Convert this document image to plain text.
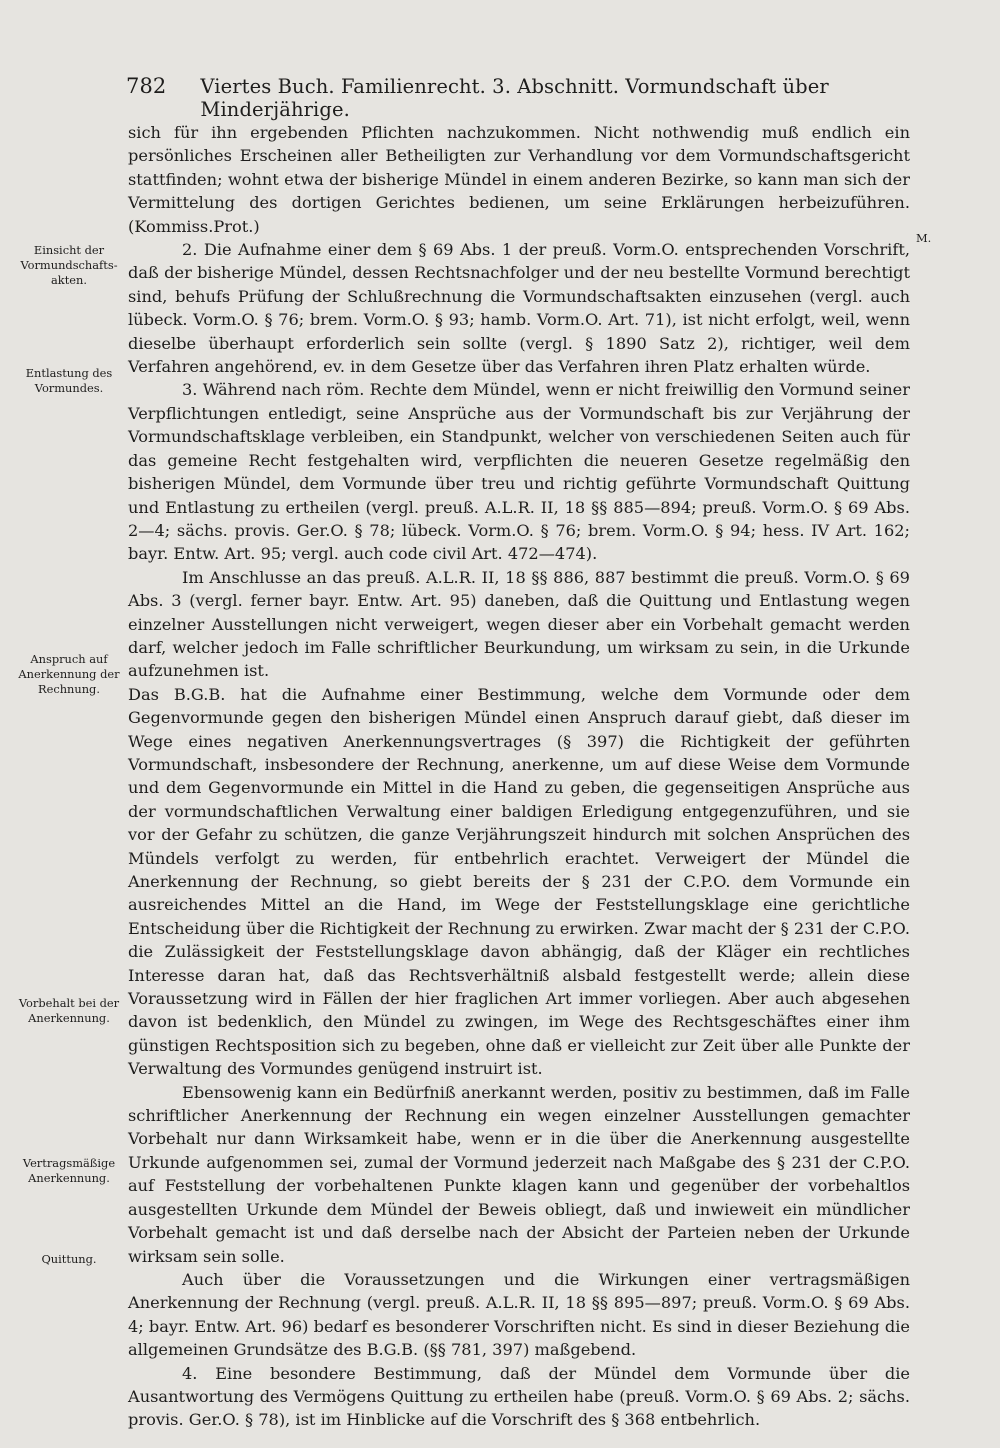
782 Viertes Buch. Familienrecht. 3. Abschnitt. Vormundschaft über Minderjährige.
Einsicht der Vormundschafts-akten.
Entlastung des Vormundes.
Anspruch auf Anerkennung der Rechnung.
Vorbehalt bei der Anerkennung.
Vertragsmäßige Anerkennung.
Quittung.
M.

sich für ihn ergebenden Pflichten nachzukommen. Nicht nothwendig muß endlich ein persönliches Erscheinen aller Betheiligten zur Verhandlung vor dem Vormundschaftsgericht stattfinden; wohnt etwa der bisherige Mündel in einem anderen Bezirke, so kann man sich der Vermittelung des dortigen Gerichtes bedienen, um seine Erklärungen herbeizuführen. (Kommiss.Prot.)

2. Die Aufnahme einer dem § 69 Abs. 1 der preuß. Vorm.O. entsprechenden Vorschrift, daß der bisherige Mündel, dessen Rechtsnachfolger und der neu bestellte Vormund berechtigt sind, behufs Prüfung der Schlußrechnung die Vormundschaftsakten einzusehen (vergl. auch lübeck. Vorm.O. § 76; brem. Vorm.O. § 93; hamb. Vorm.O. Art. 71), ist nicht erfolgt, weil, wenn dieselbe überhaupt erforderlich sein sollte (vergl. § 1890 Satz 2), richtiger, weil dem Verfahren angehörend, ev. in dem Gesetze über das Verfahren ihren Platz erhalten würde.

3. Während nach röm. Rechte dem Mündel, wenn er nicht freiwillig den Vormund seiner Verpflichtungen entledigt, seine Ansprüche aus der Vormundschaft bis zur Verjährung der Vormundschaftsklage verbleiben, ein Standpunkt, welcher von verschiedenen Seiten auch für das gemeine Recht festgehalten wird, verpflichten die neueren Gesetze regelmäßig den bisherigen Mündel, dem Vormunde über treu und richtig geführte Vormundschaft Quittung und Entlastung zu ertheilen (vergl. preuß. A.L.R. II, 18 §§ 885—894; preuß. Vorm.O. § 69 Abs. 2—4; sächs. provis. Ger.O. § 78; lübeck. Vorm.O. § 76; brem. Vorm.O. § 94; hess. IV Art. 162; bayr. Entw. Art. 95; vergl. auch code civil Art. 472—474).

Im Anschlusse an das preuß. A.L.R. II, 18 §§ 886, 887 bestimmt die preuß. Vorm.O. § 69 Abs. 3 (vergl. ferner bayr. Entw. Art. 95) daneben, daß die Quittung und Entlastung wegen einzelner Ausstellungen nicht verweigert, wegen dieser aber ein Vorbehalt gemacht werden darf, welcher jedoch im Falle schriftlicher Beurkundung, um wirksam zu sein, in die Urkunde aufzunehmen ist.

Das B.G.B. hat die Aufnahme einer Bestimmung, welche dem Vormunde oder dem Gegenvormunde gegen den bisherigen Mündel einen Anspruch darauf giebt, daß dieser im Wege eines negativen Anerkennungsvertrages (§ 397) die Richtigkeit der geführten Vormundschaft, insbesondere der Rechnung, anerkenne, um auf diese Weise dem Vormunde und dem Gegenvormunde ein Mittel in die Hand zu geben, die gegenseitigen Ansprüche aus der vormundschaftlichen Verwaltung einer baldigen Erledigung entgegenzuführen, und sie vor der Gefahr zu schützen, die ganze Verjährungszeit hindurch mit solchen Ansprüchen des Mündels verfolgt zu werden, für entbehrlich erachtet. Verweigert der Mündel die Anerkennung der Rechnung, so giebt bereits der § 231 der C.P.O. dem Vormunde ein ausreichendes Mittel an die Hand, im Wege der Feststellungsklage eine gerichtliche Entscheidung über die Richtigkeit der Rechnung zu erwirken. Zwar macht der § 231 der C.P.O. die Zulässigkeit der Feststellungsklage davon abhängig, daß der Kläger ein rechtliches Interesse daran hat, daß das Rechtsverhältniß alsbald festgestellt werde; allein diese Voraussetzung wird in Fällen der hier fraglichen Art immer vorliegen. Aber auch abgesehen davon ist bedenklich, den Mündel zu zwingen, im Wege des Rechtsgeschäftes einer ihm günstigen Rechtsposition sich zu begeben, ohne daß er vielleicht zur Zeit über alle Punkte der Verwaltung des Vormundes genügend instruirt ist.

Ebensowenig kann ein Bedürfniß anerkannt werden, positiv zu bestimmen, daß im Falle schriftlicher Anerkennung der Rechnung ein wegen einzelner Ausstellungen gemachter Vorbehalt nur dann Wirksamkeit habe, wenn er in die über die Anerkennung ausgestellte Urkunde aufgenommen sei, zumal der Vormund jederzeit nach Maßgabe des § 231 der C.P.O. auf Feststellung der vorbehaltenen Punkte klagen kann und gegenüber der vorbehaltlos ausgestellten Urkunde dem Mündel der Beweis obliegt, daß und inwieweit ein mündlicher Vorbehalt gemacht ist und daß derselbe nach der Absicht der Parteien neben der Urkunde wirksam sein solle.

Auch über die Voraussetzungen und die Wirkungen einer vertragsmäßigen Anerkennung der Rechnung (vergl. preuß. A.L.R. II, 18 §§ 895—897; preuß. Vorm.O. § 69 Abs. 4; bayr. Entw. Art. 96) bedarf es besonderer Vorschriften nicht. Es sind in dieser Beziehung die allgemeinen Grundsätze des B.G.B. (§§ 781, 397) maßgebend.

4. Eine besondere Bestimmung, daß der Mündel dem Vormunde über die Ausantwortung des Vermögens Quittung zu ertheilen habe (preuß. Vorm.O. § 69 Abs. 2; sächs. provis. Ger.O. § 78), ist im Hinblicke auf die Vorschrift des § 368 entbehrlich.
